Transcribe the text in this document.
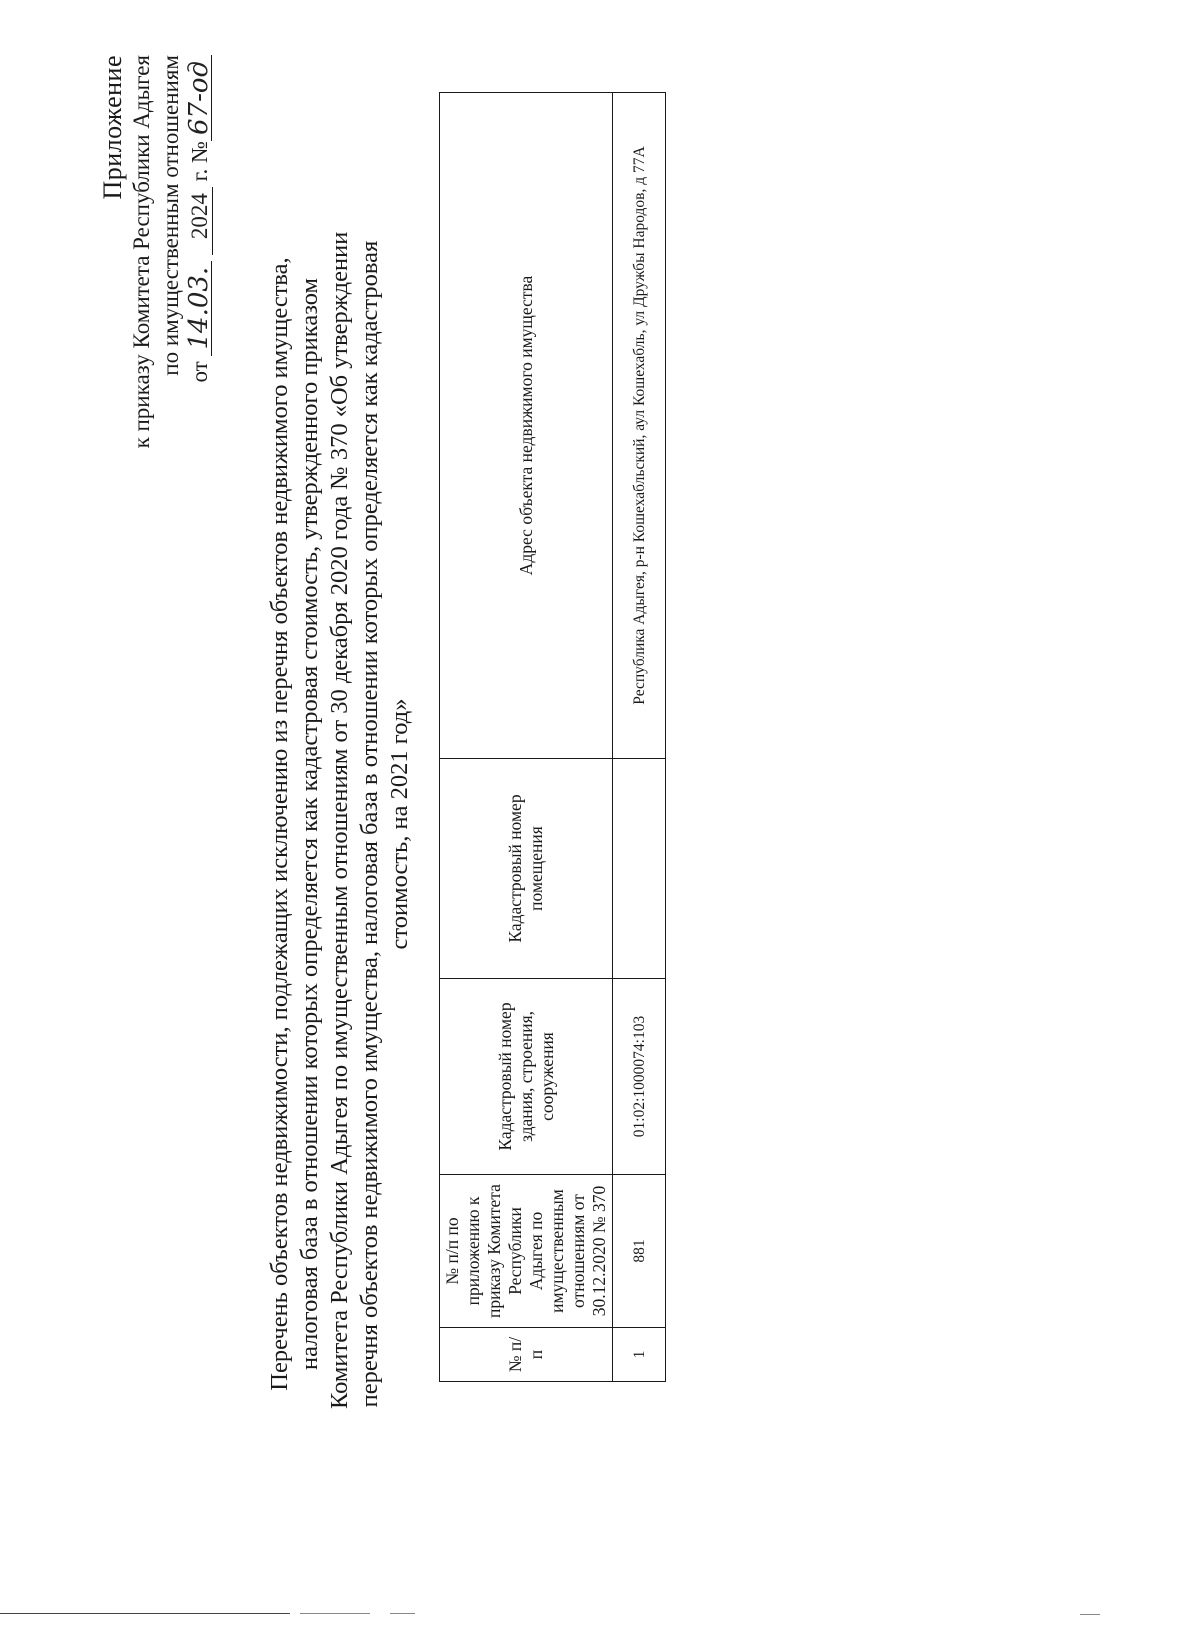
Приложение к приказу Комитета Республики Адыгея по имущественным отношениям от 14.03. 2024 г. №67-од
Перечень объектов недвижимости, подлежащих исключению из перечня объектов недвижимого имущества, налоговая база в отношении которых определяется как кадастровая стоимость, утвержденного приказом Комитета Республики Адыгея по имущественным отношениям от 30 декабря 2020 года № 370 «Об утверждении перечня объектов недвижимого имущества, налоговая база в отношении которых определяется как кадастровая стоимость, на 2021 год»
№ п/п	№ п/п по приложению к приказу Комитета Республики Адыгея по имущественным отношениям от 30.12.2020 № 370	Кадастровый номер здания, строения, сооружения	Кадастровый номер помещения	Адрес объекта недвижимого имущества
1	881	01:02:1000074:103		Республика Адыгея, р-н Кошехабльский, аул Кошехабль, ул Дружбы Народов, д 77А
